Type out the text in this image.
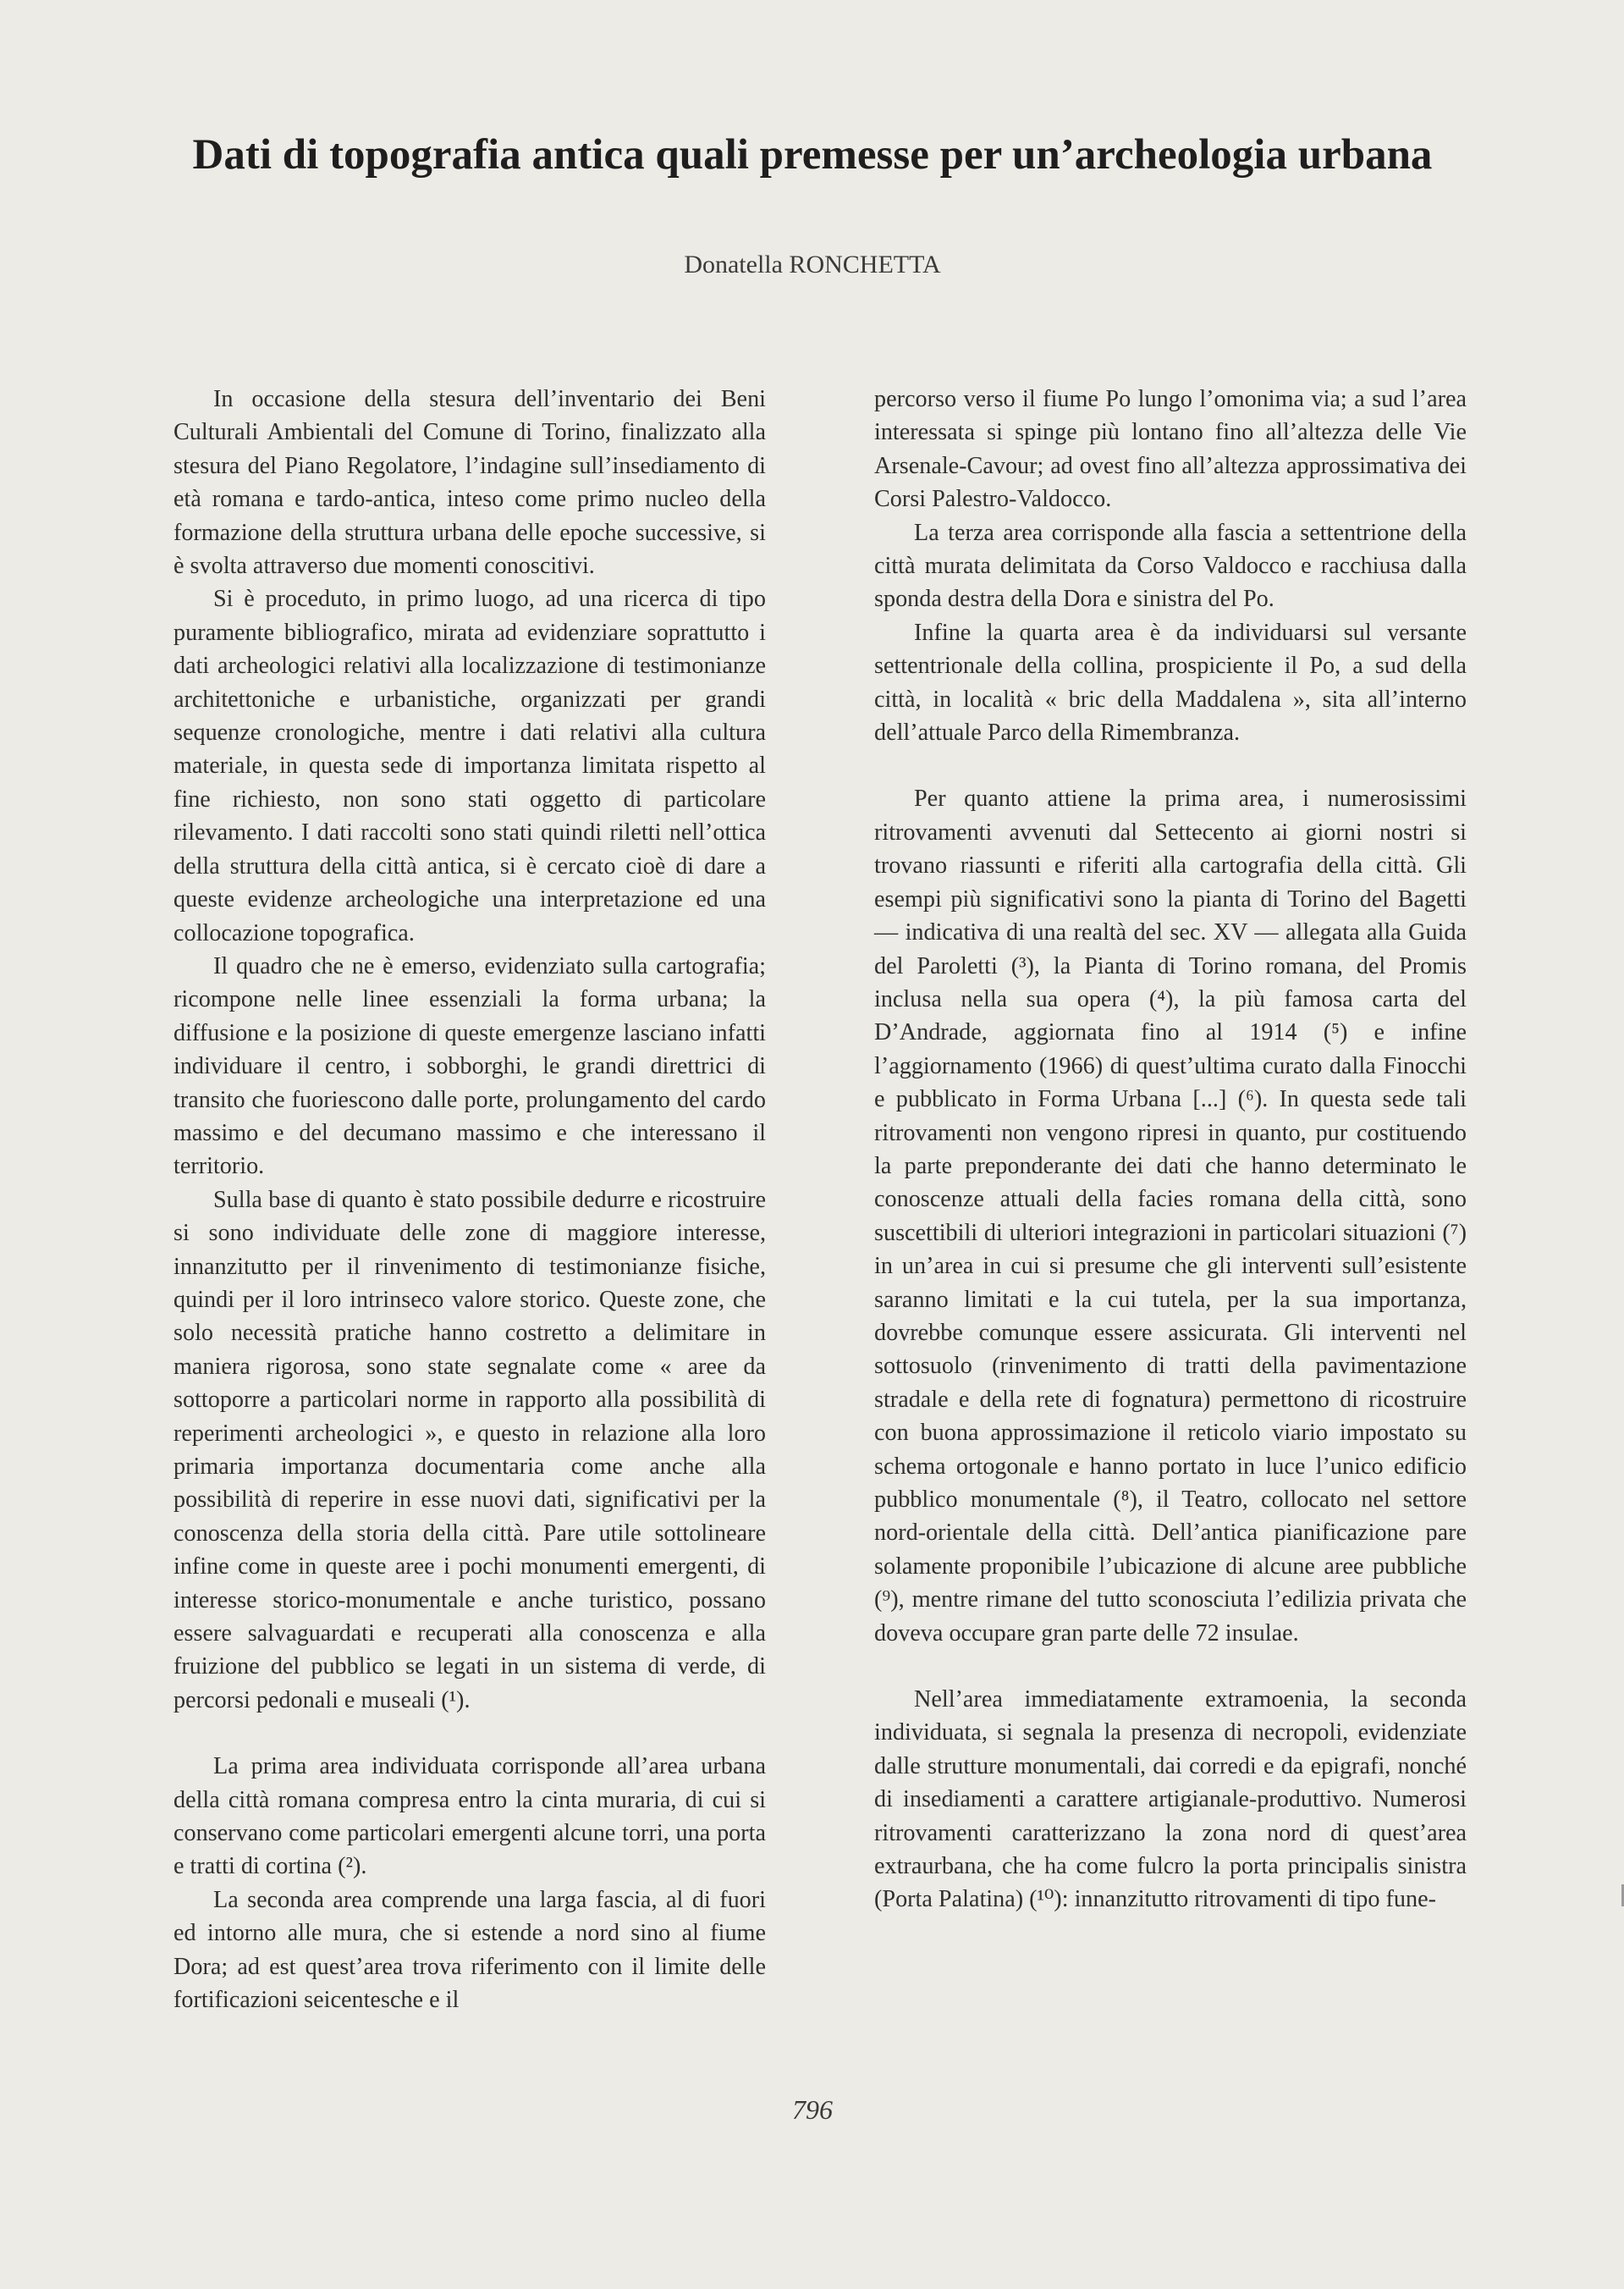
Dati di topografia antica quali premesse per un’archeologia urbana

Donatella RONCHETTA

In occasione della stesura dell’inventario dei Beni Culturali Ambientali del Comune di Torino, finalizzato alla stesura del Piano Regolatore, l’indagine sull’insediamento di età romana e tardo-antica, inteso come primo nucleo della formazione della struttura urbana delle epoche successive, si è svolta attraverso due momenti conoscitivi.

Si è proceduto, in primo luogo, ad una ricerca di tipo puramente bibliografico, mirata ad evidenziare soprattutto i dati archeologici relativi alla localizzazione di testimonianze architettoniche e urbanistiche, organizzati per grandi sequenze cronologiche, mentre i dati relativi alla cultura materiale, in questa sede di importanza limitata rispetto al fine richiesto, non sono stati oggetto di particolare rilevamento. I dati raccolti sono stati quindi riletti nell’ottica della struttura della città antica, si è cercato cioè di dare a queste evidenze archeologiche una interpretazione ed una collocazione topografica.

Il quadro che ne è emerso, evidenziato sulla cartografia; ricompone nelle linee essenziali la forma urbana; la diffusione e la posizione di queste emergenze lasciano infatti individuare il centro, i sobborghi, le grandi direttrici di transito che fuoriescono dalle porte, prolungamento del cardo massimo e del decumano massimo e che interessano il territorio.

Sulla base di quanto è stato possibile dedurre e ricostruire si sono individuate delle zone di maggiore interesse, innanzitutto per il rinvenimento di testimonianze fisiche, quindi per il loro intrinseco valore storico. Queste zone, che solo necessità pratiche hanno costretto a delimitare in maniera rigorosa, sono state segnalate come « aree da sottoporre a particolari norme in rapporto alla possibilità di reperimenti archeologici », e questo in relazione alla loro primaria importanza documentaria come anche alla possibilità di reperire in esse nuovi dati, significativi per la conoscenza della storia della città. Pare utile sottolineare infine come in queste aree i pochi monumenti emergenti, di interesse storico-monumentale e anche turistico, possano essere salvaguardati e recuperati alla conoscenza e alla fruizione del pubblico se legati in un sistema di verde, di percorsi pedonali e museali (¹).

La prima area individuata corrisponde all’area urbana della città romana compresa entro la cinta muraria, di cui si conservano come particolari emergenti alcune torri, una porta e tratti di cortina (²).

La seconda area comprende una larga fascia, al di fuori ed intorno alle mura, che si estende a nord sino al fiume Dora; ad est quest’area trova riferimento con il limite delle fortificazioni seicentesche e il

percorso verso il fiume Po lungo l’omonima via; a sud l’area interessata si spinge più lontano fino all’altezza delle Vie Arsenale-Cavour; ad ovest fino all’altezza approssimativa dei Corsi Palestro-Valdocco.

La terza area corrisponde alla fascia a settentrione della città murata delimitata da Corso Valdocco e racchiusa dalla sponda destra della Dora e sinistra del Po.

Infine la quarta area è da individuarsi sul versante settentrionale della collina, prospiciente il Po, a sud della città, in località « bric della Maddalena », sita all’interno dell’attuale Parco della Rimembranza.

Per quanto attiene la prima area, i numerosissimi ritrovamenti avvenuti dal Settecento ai giorni nostri si trovano riassunti e riferiti alla cartografia della città. Gli esempi più significativi sono la pianta di Torino del Bagetti — indicativa di una realtà del sec. XV — allegata alla Guida del Paroletti (³), la Pianta di Torino romana, del Promis inclusa nella sua opera (⁴), la più famosa carta del D’Andrade, aggiornata fino al 1914 (⁵) e infine l’aggiornamento (1966) di quest’ultima curato dalla Finocchi e pubblicato in Forma Urbana [...] (⁶). In questa sede tali ritrovamenti non vengono ripresi in quanto, pur costituendo la parte preponderante dei dati che hanno determinato le conoscenze attuali della facies romana della città, sono suscettibili di ulteriori integrazioni in particolari situazioni (⁷) in un’area in cui si presume che gli interventi sull’esistente saranno limitati e la cui tutela, per la sua importanza, dovrebbe comunque essere assicurata. Gli interventi nel sottosuolo (rinvenimento di tratti della pavimentazione stradale e della rete di fognatura) permettono di ricostruire con buona approssimazione il reticolo viario impostato su schema ortogonale e hanno portato in luce l’unico edificio pubblico monumentale (⁸), il Teatro, collocato nel settore nord-orientale della città. Dell’antica pianificazione pare solamente proponibile l’ubicazione di alcune aree pubbliche (⁹), mentre rimane del tutto sconosciuta l’edilizia privata che doveva occupare gran parte delle 72 insulae.

Nell’area immediatamente extramoenia, la seconda individuata, si segnala la presenza di necropoli, evidenziate dalle strutture monumentali, dai corredi e da epigrafi, nonché di insediamenti a carattere artigianale-produttivo. Numerosi ritrovamenti caratterizzano la zona nord di quest’area extraurbana, che ha come fulcro la porta principalis sinistra (Porta Palatina) (¹⁰): innanzitutto ritrovamenti di tipo fune-

796
